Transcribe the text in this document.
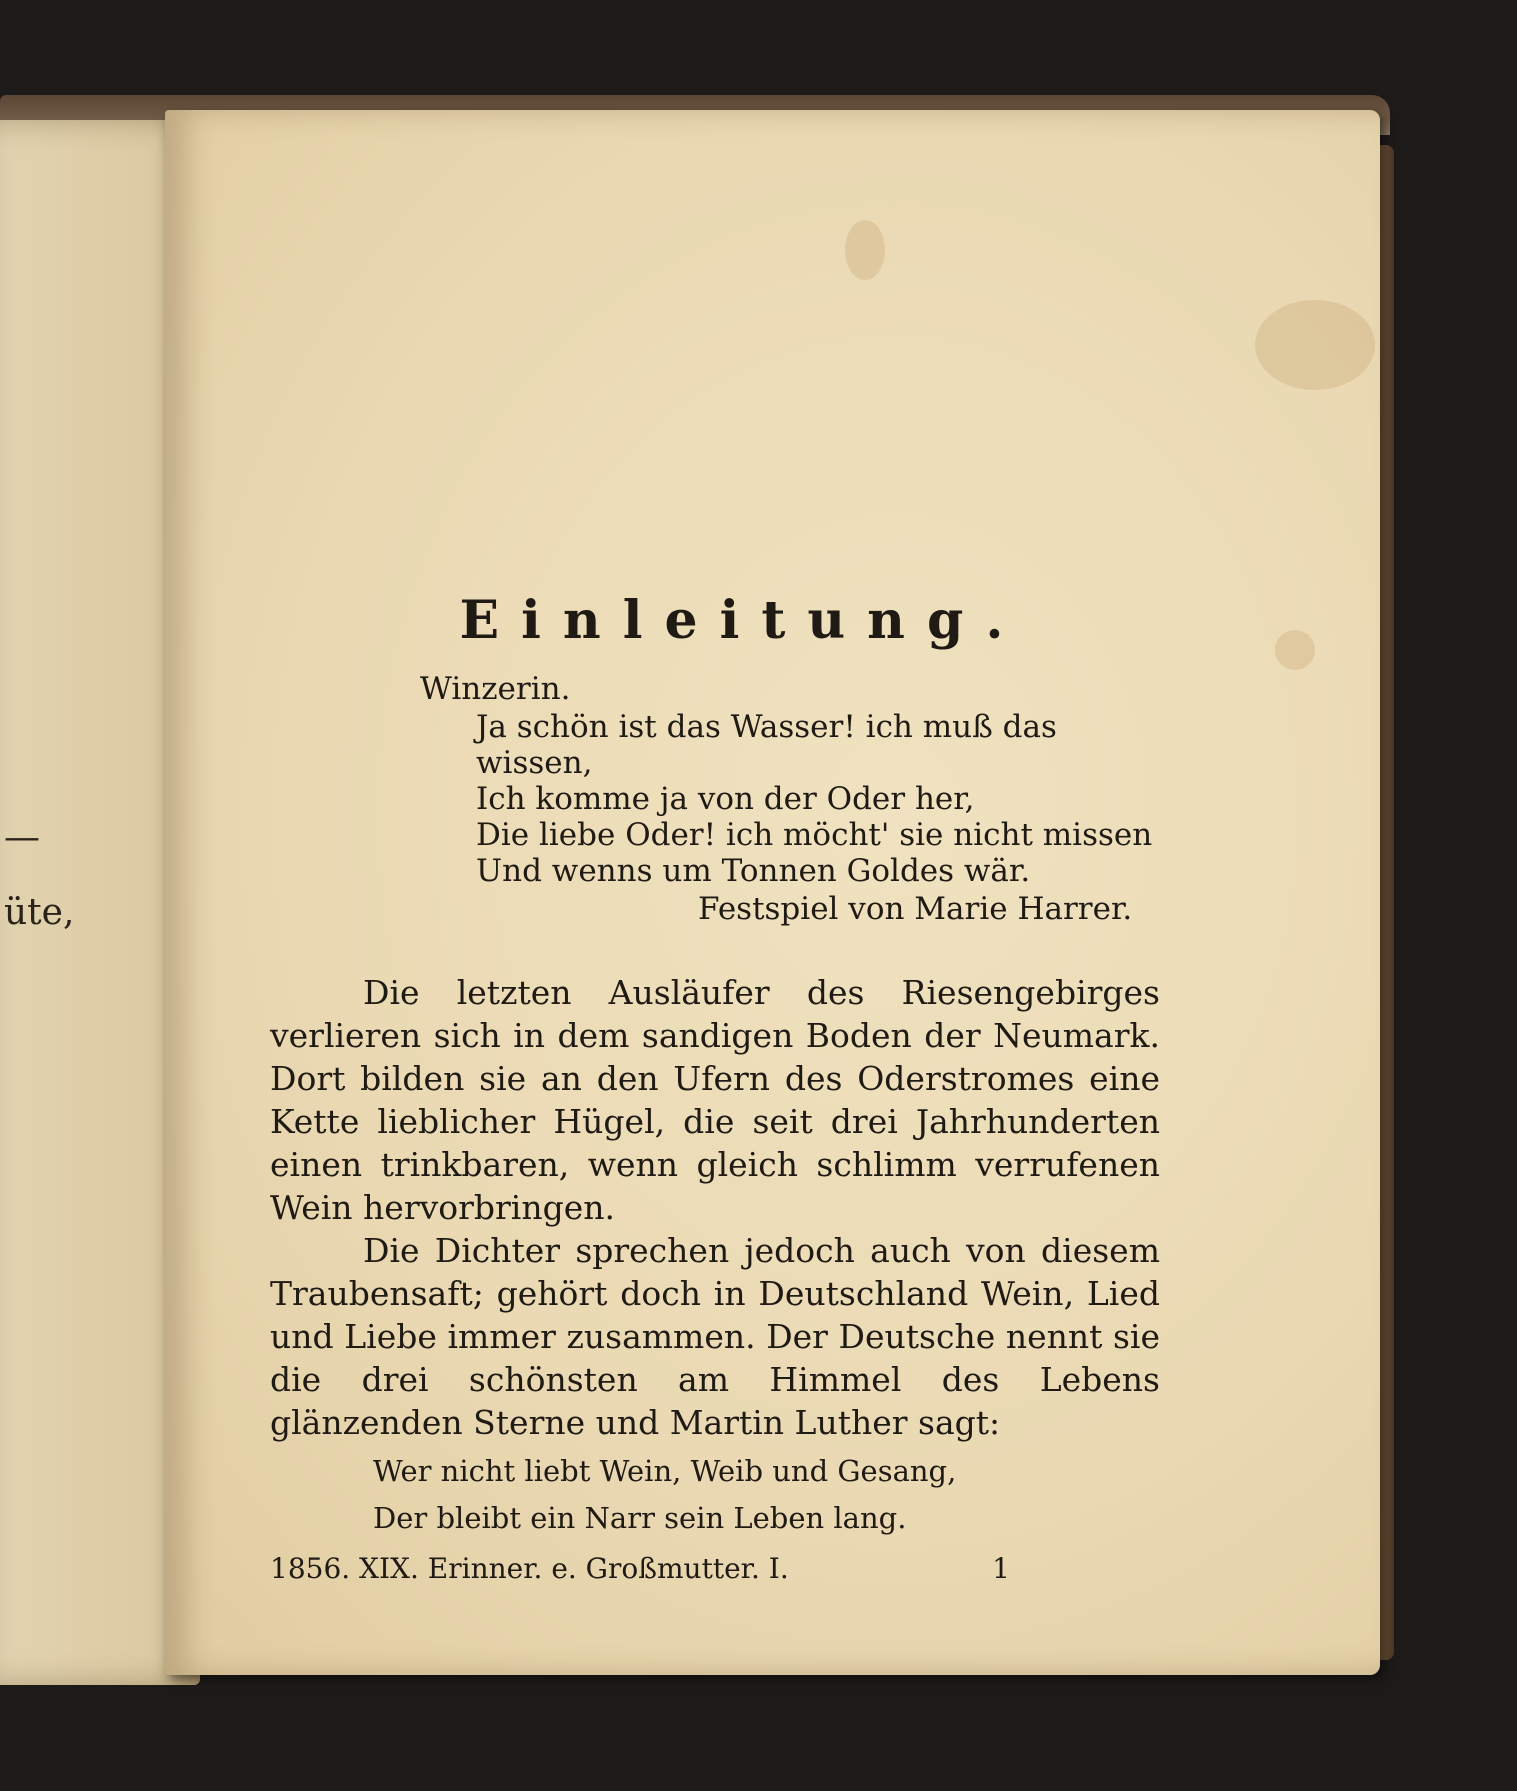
—
üte,
Einleitung.
Winzerin.
Ja schön ist das Wasser! ich muß das wissen,
Ich komme ja von der Oder her,
Die liebe Oder! ich möcht' sie nicht missen
Und wenns um Tonnen Goldes wär.
Festspiel von Marie Harrer.

Die letzten Ausläufer des Riesengebirges verlieren sich in dem sandigen Boden der Neumark. Dort bilden sie an den Ufern des Oderstromes eine Kette lieblicher Hügel, die seit drei Jahrhunderten einen trinkbaren, wenn gleich schlimm verrufenen Wein hervorbringen.

Die Dichter sprechen jedoch auch von diesem Traubensaft; gehört doch in Deutschland Wein, Lied und Liebe immer zusammen. Der Deutsche nennt sie die drei schönsten am Himmel des Lebens glänzenden Sterne und Martin Luther sagt:

Wer nicht liebt Wein, Weib und Gesang,
Der bleibt ein Narr sein Leben lang.
1856. XIX. Erinner. e. Großmutter. I.	1
